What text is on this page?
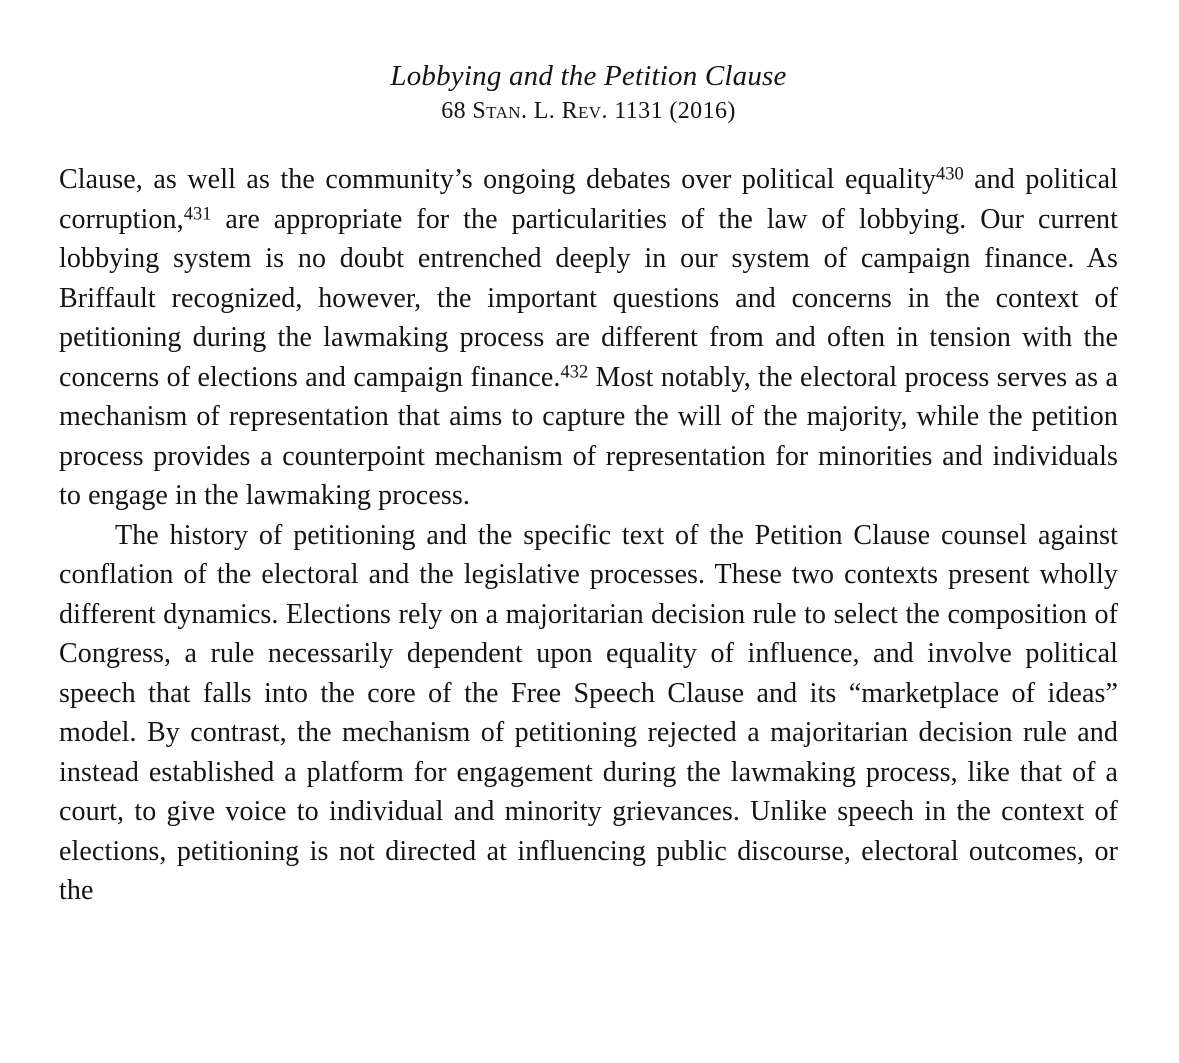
Lobbying and the Petition Clause
68 Stan. L. Rev. 1131 (2016)

Clause, as well as the community’s ongoing debates over political equality$^{430}$ and political corruption,$^{431}$ are appropriate for the particularities of the law of lobbying. Our current lobbying system is no doubt entrenched deeply in our system of campaign finance. As Briffault recognized, however, the important questions and concerns in the context of petitioning during the lawmaking process are different from and often in tension with the concerns of elections and campaign finance.$^{432}$ Most notably, the electoral process serves as a mechanism of representation that aims to capture the will of the majority, while the petition process provides a counterpoint mechanism of representation for minorities and individuals to engage in the lawmaking process.

The history of petitioning and the specific text of the Petition Clause counsel against conflation of the electoral and the legislative processes. These two contexts present wholly different dynamics. Elections rely on a majoritarian decision rule to select the composition of Congress, a rule necessarily dependent upon equality of influence, and involve political speech that falls into the core of the Free Speech Clause and its “marketplace of ideas” model. By contrast, the mechanism of petitioning rejected a majoritarian decision rule and instead established a platform for engagement during the lawmaking process, like that of a court, to give voice to individual and minority grievances. Unlike speech in the context of elections, petitioning is not directed at influencing public discourse, electoral outcomes, or the
